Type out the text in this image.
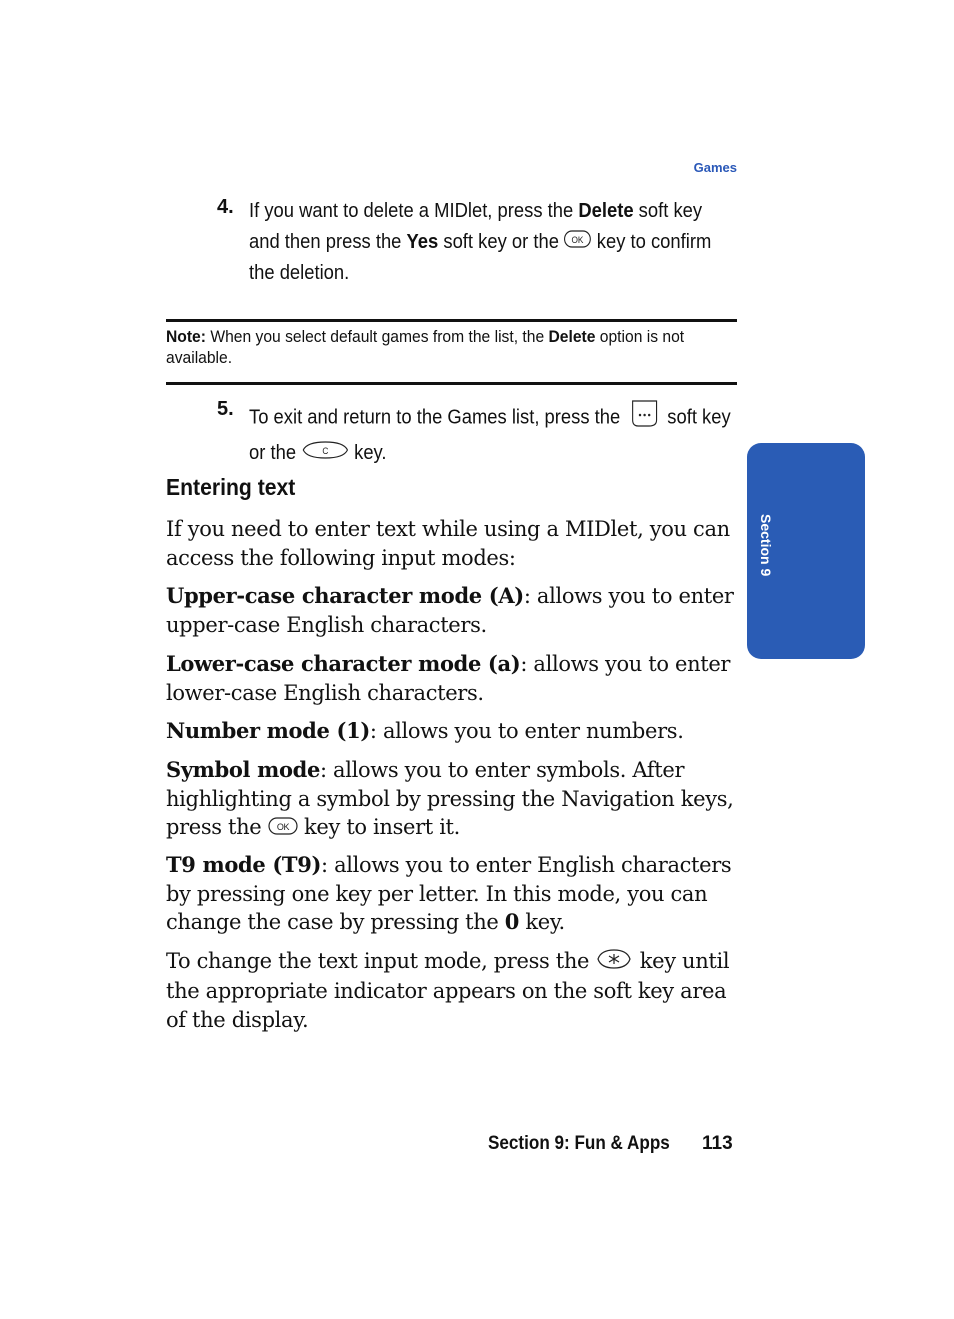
Games
4. If you want to delete a MIDlet, press the Delete soft key and then press the Yes soft key or the OK key to confirm the deletion.
Note: When you select default games from the list, the Delete option is not available.
5. To exit and return to the Games list, press the  soft key or the C key.
Entering text
If you need to enter text while using a MIDlet, you can access the following input modes:
Upper-case character mode (A): allows you to enter upper-case English characters.
Lower-case character mode (a): allows you to enter lower-case English characters.
Number mode (1): allows you to enter numbers.
Symbol mode: allows you to enter symbols. After highlighting a symbol by pressing the Navigation keys, press the OK key to insert it.
T9 mode (T9): allows you to enter English characters by pressing one key per letter. In this mode, you can change the case by pressing the 0 key.
To change the text input mode, press the  key until the appropriate indicator appears on the soft key area of the display.
Section 9
Section 9: Fun & Apps 113
